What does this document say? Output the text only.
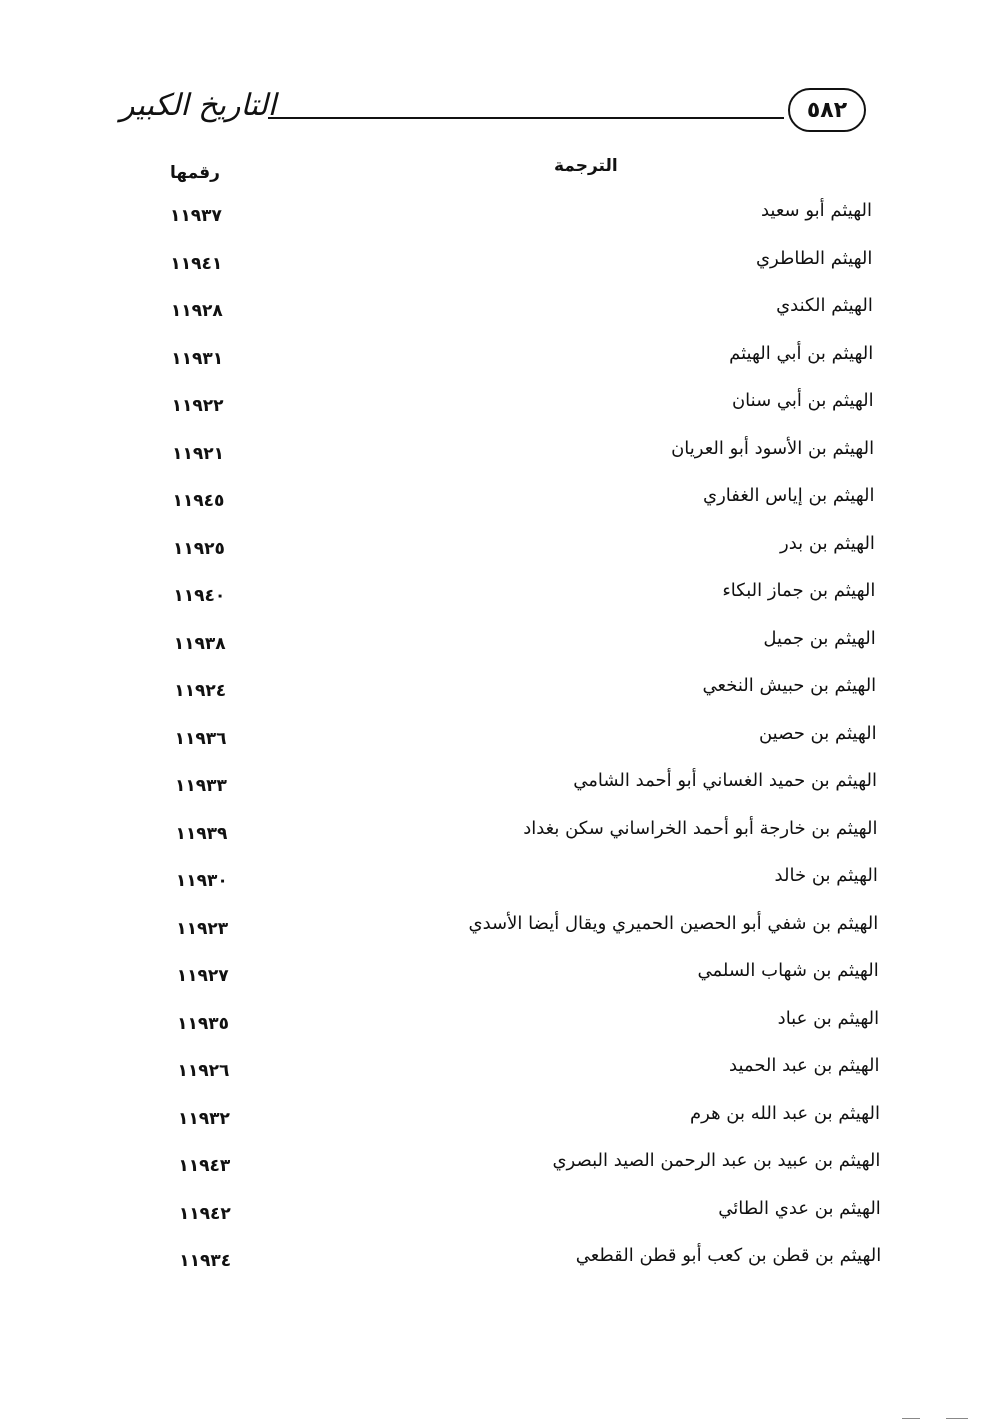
التاريخ الكبير	٥٨٢
الترجمة
رقمها
الهيثم أبو سعيد
١١٩٣٧
الهيثم الطاطري
١١٩٤١
الهيثم الكندي
١١٩٢٨
الهيثم بن أبي الهيثم
١١٩٣١
الهيثم بن أبي سنان
١١٩٢٢
الهيثم بن الأسود أبو العريان
١١٩٢١
الهيثم بن إياس الغفاري
١١٩٤٥
الهيثم بن بدر
١١٩٢٥
الهيثم بن جماز البكاء
١١٩٤٠
الهيثم بن جميل
١١٩٣٨
الهيثم بن حبيش النخعي
١١٩٢٤
الهيثم بن حصين
١١٩٣٦
الهيثم بن حميد الغساني أبو أحمد الشامي
١١٩٣٣
الهيثم بن خارجة أبو أحمد الخراساني سكن بغداد
١١٩٣٩
الهيثم بن خالد
١١٩٣٠
الهيثم بن شفي أبو الحصين الحميري ويقال أيضا الأسدي
١١٩٢٣
الهيثم بن شهاب السلمي
١١٩٢٧
الهيثم بن عباد
١١٩٣٥
الهيثم بن عبد الحميد
١١٩٢٦
الهيثم بن عبد الله بن هرم
١١٩٣٢
الهيثم بن عبيد بن عبد الرحمن الصيد البصري
١١٩٤٣
الهيثم بن عدي الطائي
١١٩٤٢
الهيثم بن قطن بن كعب أبو قطن القطعي
١١٩٣٤
